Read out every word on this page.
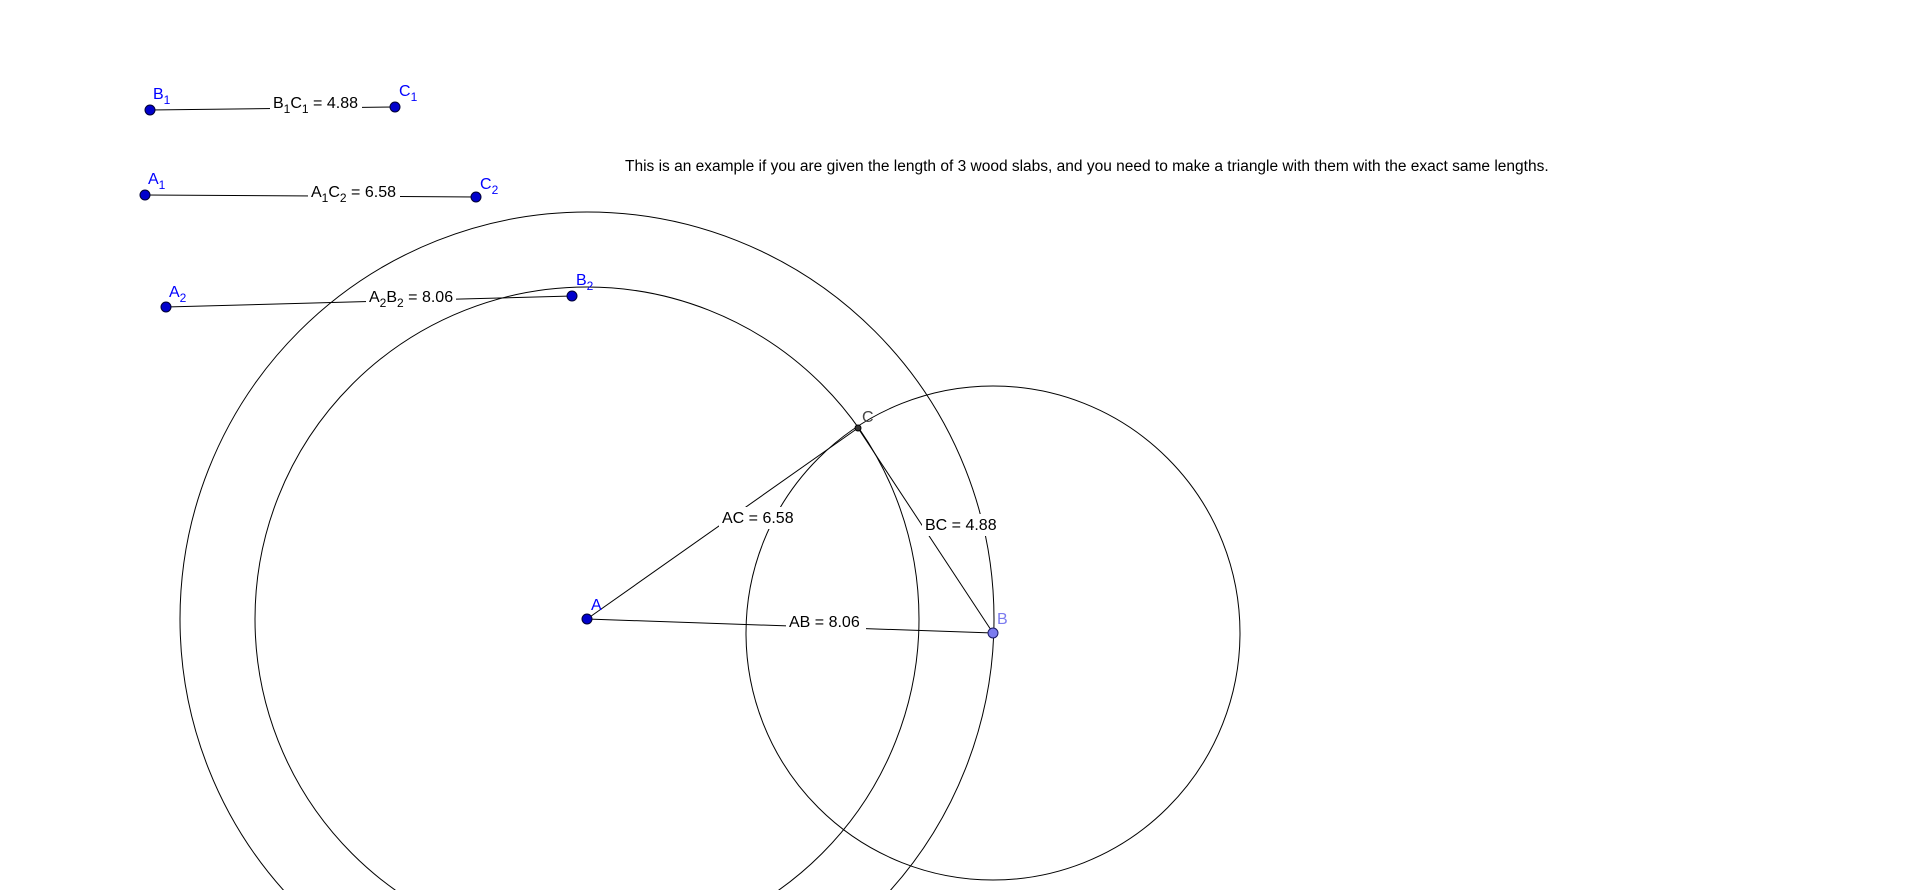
$B_1C_1 = 4.88$
$A_1C_2 = 6.58$
$A_2B_2 = 8.06$
AB = 8.06
AC = 6.58	BC = 4.88
$B_1$	$C_1$
$A_1$	$C_2$
$A_2$
$B_2$
A
B
C
This is an example if you are given the length of 3 wood slabs, and you need to make a triangle with them with the exact same lengths.
